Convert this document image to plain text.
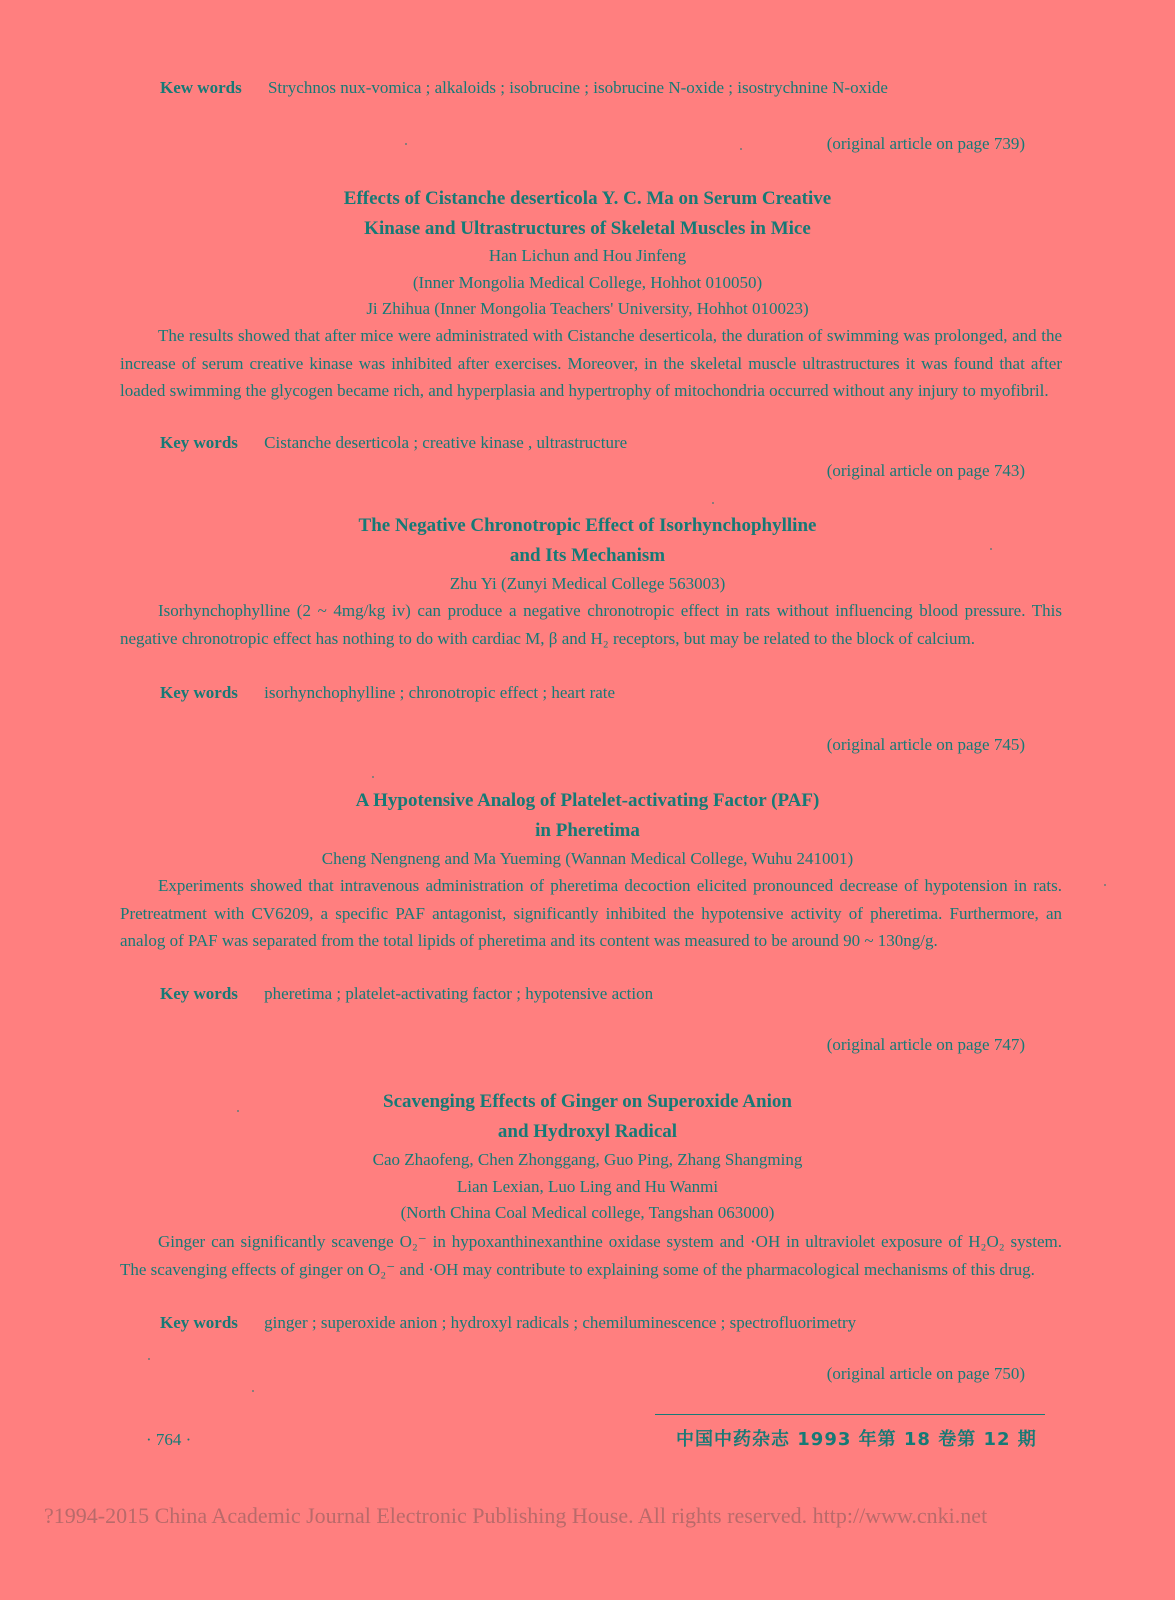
Kew words Strychnos nux-vomica ; alkaloids ; isobrucine ; isobrucine N-oxide ; isostrychnine N-oxide
(original article on page 739)
Effects of Cistanche deserticola Y. C. Ma on Serum Creative
Kinase and Ultrastructures of Skeletal Muscles in Mice
Han Lichun and Hou Jinfeng
(Inner Mongolia Medical College, Hohhot 010050)
Ji Zhihua (Inner Mongolia Teachers' University, Hohhot 010023)
The results showed that after mice were administrated with Cistanche deserticola, the duration of swimming was prolonged, and the increase of serum creative kinase was inhibited after exercises. Moreover, in the skeletal muscle ultrastructures it was found that after loaded swimming the glycogen became rich, and hyperplasia and hypertrophy of mitochondria occurred without any injury to myofibril.
Key words Cistanche deserticola ; creative kinase , ultrastructure
(original article on page 743)
The Negative Chronotropic Effect of Isorhynchophylline
and Its Mechanism
Zhu Yi (Zunyi Medical College 563003)
Isorhynchophylline (2 ~ 4mg/kg iv) can produce a negative chronotropic effect in rats without influencing blood pressure. This negative chronotropic effect has nothing to do with cardiac M, β and H₂ receptors, but may be related to the block of calcium.
Key words isorhynchophylline ; chronotropic effect ; heart rate
(original article on page 745)
A Hypotensive Analog of Platelet-activating Factor (PAF)
in Pheretima
Cheng Nengneng and Ma Yueming (Wannan Medical College, Wuhu 241001)
Experiments showed that intravenous administration of pheretima decoction elicited pronounced decrease of hypotension in rats. Pretreatment with CV6209, a specific PAF antagonist, significantly inhibited the hypotensive activity of pheretima. Furthermore, an analog of PAF was separated from the total lipids of pheretima and its content was measured to be around 90 ~ 130ng/g.
Key words pheretima ; platelet-activating factor ; hypotensive action
(original article on page 747)
Scavenging Effects of Ginger on Superoxide Anion
and Hydroxyl Radical
Cao Zhaofeng, Chen Zhonggang, Guo Ping, Zhang Shangming
Lian Lexian, Luo Ling and Hu Wanmi
(North China Coal Medical college, Tangshan 063000)
Ginger can significantly scavenge O₂⁻ in hypoxanthinexanthine oxidase system and ·OH in ultraviolet exposure of H₂O₂ system. The scavenging effects of ginger on O₂⁻ and ·OH may contribute to explaining some of the pharmacological mechanisms of this drug.
Key words ginger ; superoxide anion ; hydroxyl radicals ; chemiluminescence ; spectrofluorimetry
(original article on page 750)
· 764 ·	中国中药杂志 1993 年第 18 卷第 12 期
?1994-2015 China Academic Journal Electronic Publishing House. All rights reserved. http://www.cnki.net
